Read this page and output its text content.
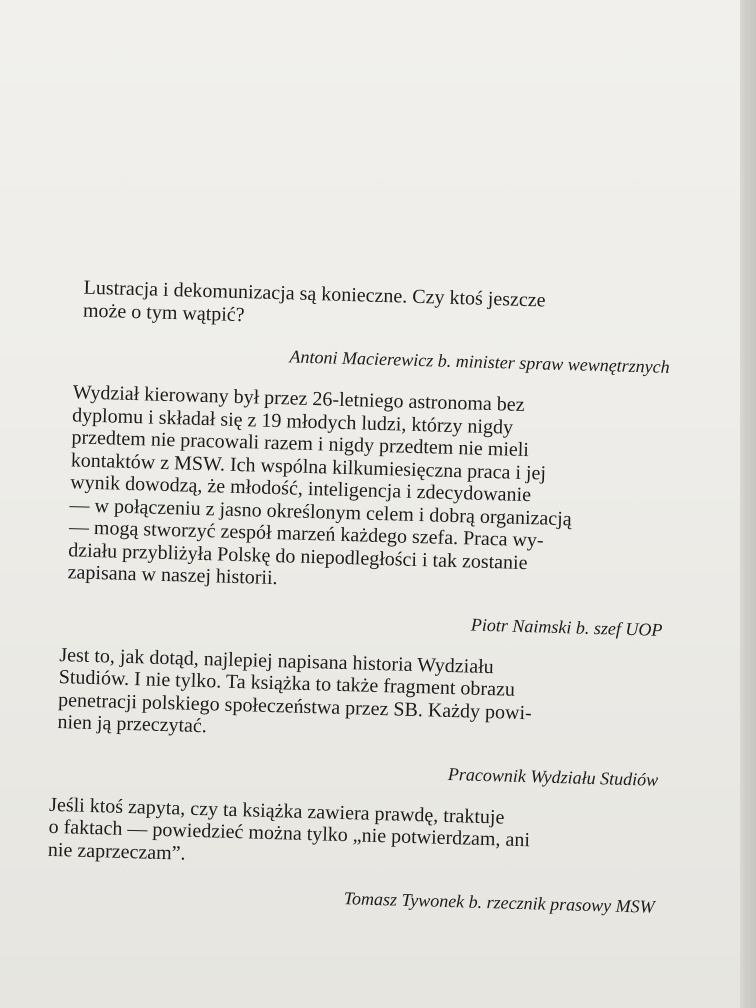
Lustracja i dekomunizacja są konieczne. Czy ktoś jeszcze
może o tym wątpić?

Antoni Macierewicz b. minister spraw wewnętrznych

Wydział kierowany był przez 26-letniego astronoma bez
dyplomu i składał się z 19 młodych ludzi, którzy nigdy
przedtem nie pracowali razem i nigdy przedtem nie mieli
kontaktów z MSW. Ich wspólna kilkumiesięczna praca i jej
wynik dowodzą, że młodość, inteligencja i zdecydowanie
— w połączeniu z jasno określonym celem i dobrą organizacją
— mogą stworzyć zespół marzeń każdego szefa. Praca wy-
działu przybliżyła Polskę do niepodległości i tak zostanie
zapisana w naszej historii.

Piotr Naimski b. szef UOP

Jest to, jak dotąd, najlepiej napisana historia Wydziału
Studiów. I nie tylko. Ta książka to także fragment obrazu
penetracji polskiego społeczeństwa przez SB. Każdy powi-
nien ją przeczytać.

Pracownik Wydziału Studiów

Jeśli ktoś zapyta, czy ta książka zawiera prawdę, traktuje
o faktach — powiedzieć można tylko „nie potwierdzam, ani
nie zaprzeczam”.

Tomasz Tywonek b. rzecznik prasowy MSW
